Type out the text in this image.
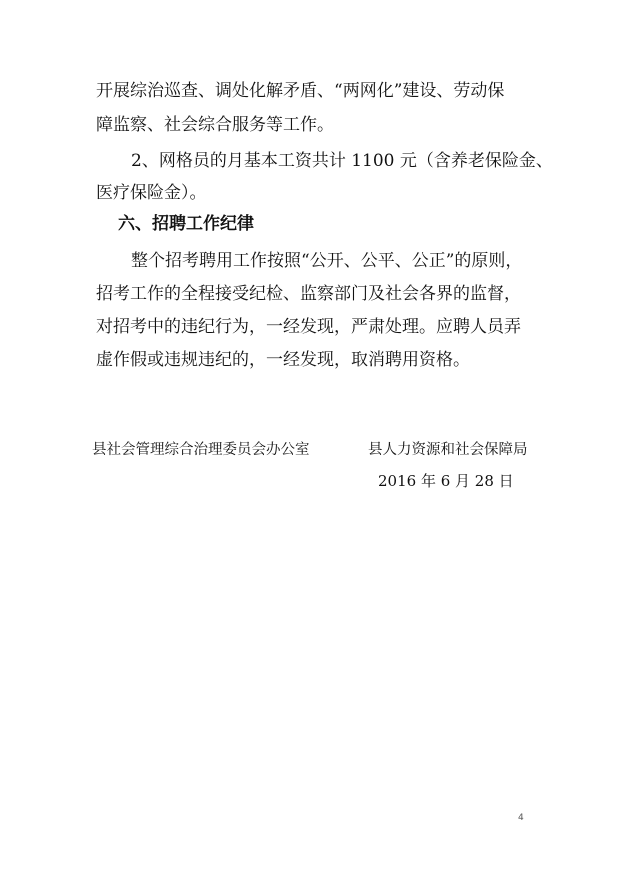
开展综治巡查、调处化解矛盾、“两网化”建设、劳动保

障监察、社会综合服务等工作。

2、网格员的月基本工资共计 1100 元（含养老保险金、

医疗保险金）。

六、招聘工作纪律

整个招考聘用工作按照“公开、公平、公正”的原则，

招考工作的全程接受纪检、监察部门及社会各界的监督，

对招考中的违纪行为，一经发现，严肃处理。应聘人员弄

虚作假或违规违纪的，一经发现，取消聘用资格。

县社会管理综合治理委员会办公室	县人力资源和社会保障局
2016 年 6 月 28 日
4
